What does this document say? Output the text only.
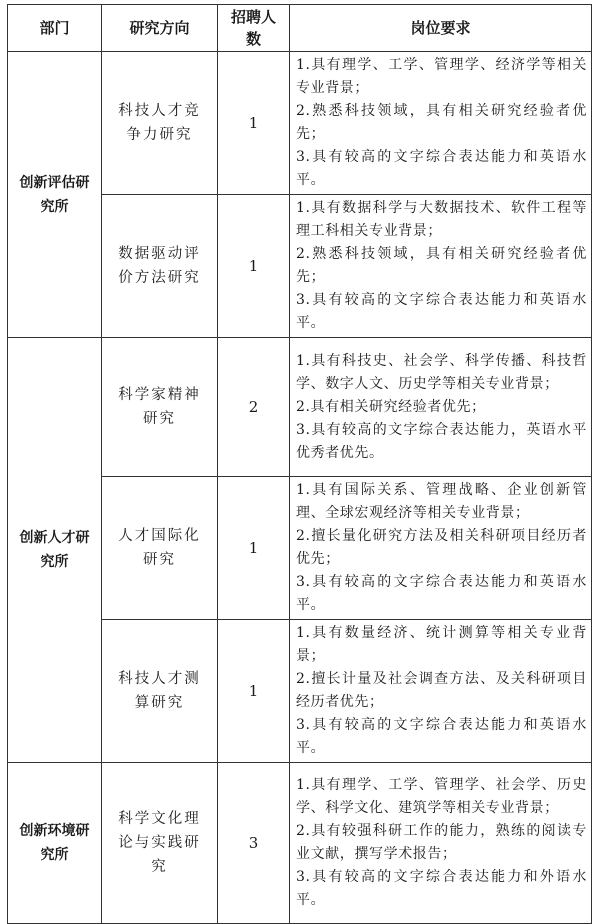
部门	研究方向	招聘人数	岗位要求
创新评估研究所	科技人才竞争力研究	1	1.具有理学、工学、管理学、经济学等相关专业背景；
2.熟悉科技领域，具有相关研究经验者优先；
3.具有较高的文字综合表达能力和英语水平。

	数据驱动评价方法研究	1	1.具有数据科学与大数据技术、软件工程等理工科相关专业背景；
2.熟悉科技领域，具有相关研究经验者优先；
3.具有较高的文字综合表达能力和英语水平。

创新人才研究所	科学家精神研究	2	1.具有科技史、社会学、科学传播、科技哲学、数字人文、历史学等相关专业背景；
2.具有相关研究经验者优先；
3.具有较高的文字综合表达能力，英语水平优秀者优先。

	人才国际化研究	1	1.具有国际关系、管理战略、企业创新管理、全球宏观经济等相关专业背景；
2.擅长量化研究方法及相关科研项目经历者优先；
3.具有较高的文字综合表达能力和英语水平。

	科技人才测算研究	1	1.具有数量经济、统计测算等相关专业背景；
2.擅长计量及社会调查方法、及关科研项目经历者优先；
3.具有较高的文字综合表达能力和英语水平。

创新环境研究所	科学文化理论与实践研究	3	1.具有理学、工学、管理学、社会学、历史学、科学文化、建筑学等相关专业背景；
2.具有较强科研工作的能力，熟练的阅读专业文献，撰写学术报告；
3.具有较高的文字综合表达能力和外语水平。
